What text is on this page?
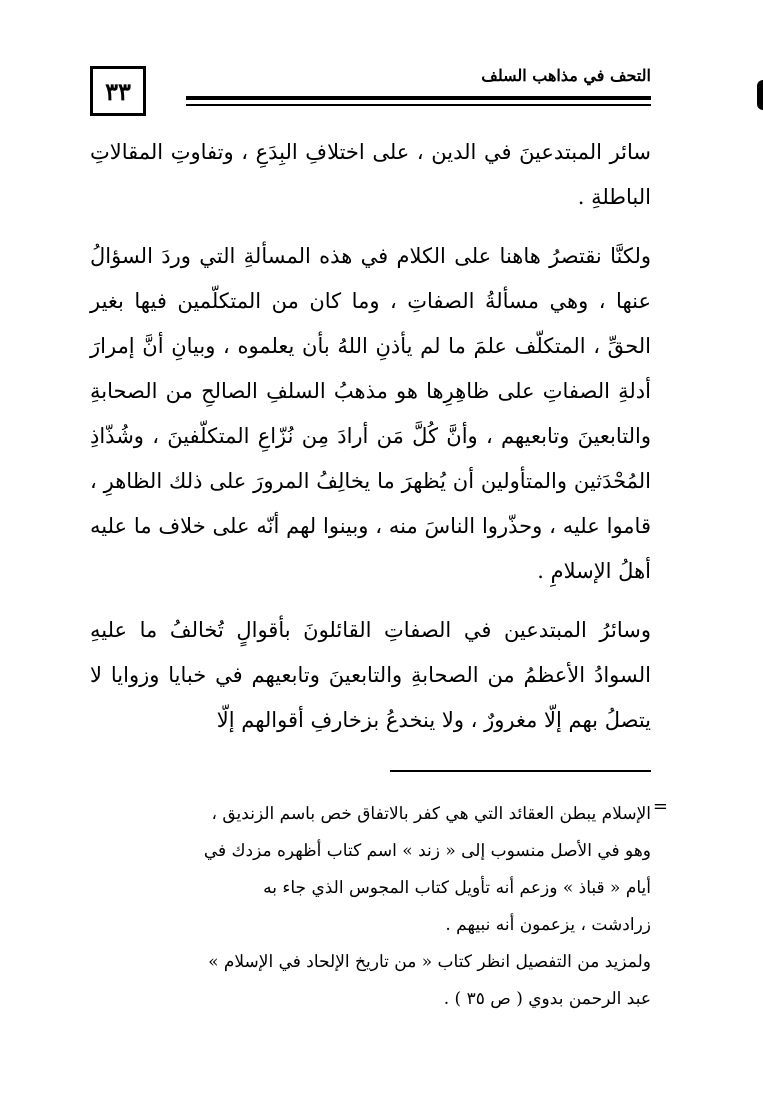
٣٣
التحف في مذاهب السلف

سائر المبتدعينَ في الدين ، على اختلافِ البِدَعِ ، وتفاوتِ المقالاتِ الباطلةِ .

ولكنَّا نقتصرُ هاهنا على الكلام في هذه المسألةِ التي وردَ السؤالُ عنها ، وهي مسألةُ الصفاتِ ، وما كان من المتكلّمين فيها بغير الحقِّ ، المتكلّف علمَ ما لم يأذنِ اللهُ بأن يعلموه ، وبيانِ أنَّ إمرارَ أدلةِ الصفاتِ على ظاهِرِها هو مذهبُ السلفِ الصالحِ من الصحابةِ والتابعينَ وتابعيهم ، وأنَّ كُلَّ مَن أرادَ مِن نُزّاعِ المتكلّفينَ ، وشُذّاذِ المُحْدَثين والمتأولين أن يُظهرَ ما يخالِفُ المرورَ على ذلك الظاهرِ ، قاموا عليه ، وحذّروا الناسَ منه ، وبينوا لهم أنّه على خلاف ما عليه أهلُ الإسلامِ .

وسائرُ المبتدعين في الصفاتِ القائلونَ بأقوالٍ تُخالفُ ما عليهِ السوادُ الأعظمُ من الصحابةِ والتابعينَ وتابعيهم في خبايا وزوايا لا يتصلُ بهم إلّا مغرورٌ ، ولا ينخدعُ بزخارفِ أقوالهم إلّا

=

الإسلام يبطن العقائد التي هي كفر بالاتفاق خص باسم الزنديق ،

وهو في الأصل منسوب إلى « زند » اسم كتاب أظهره مزدك في

أيام « قباذ » وزعم أنه تأويل كتاب المجوس الذي جاء به

زرادشت ، يزعمون أنه نبيهم .

ولمزيد من التفصيل انظر كتاب « من تاريخ الإلحاد في الإسلام »

عبد الرحمن بدوي ( ص ٣٥ ) .
